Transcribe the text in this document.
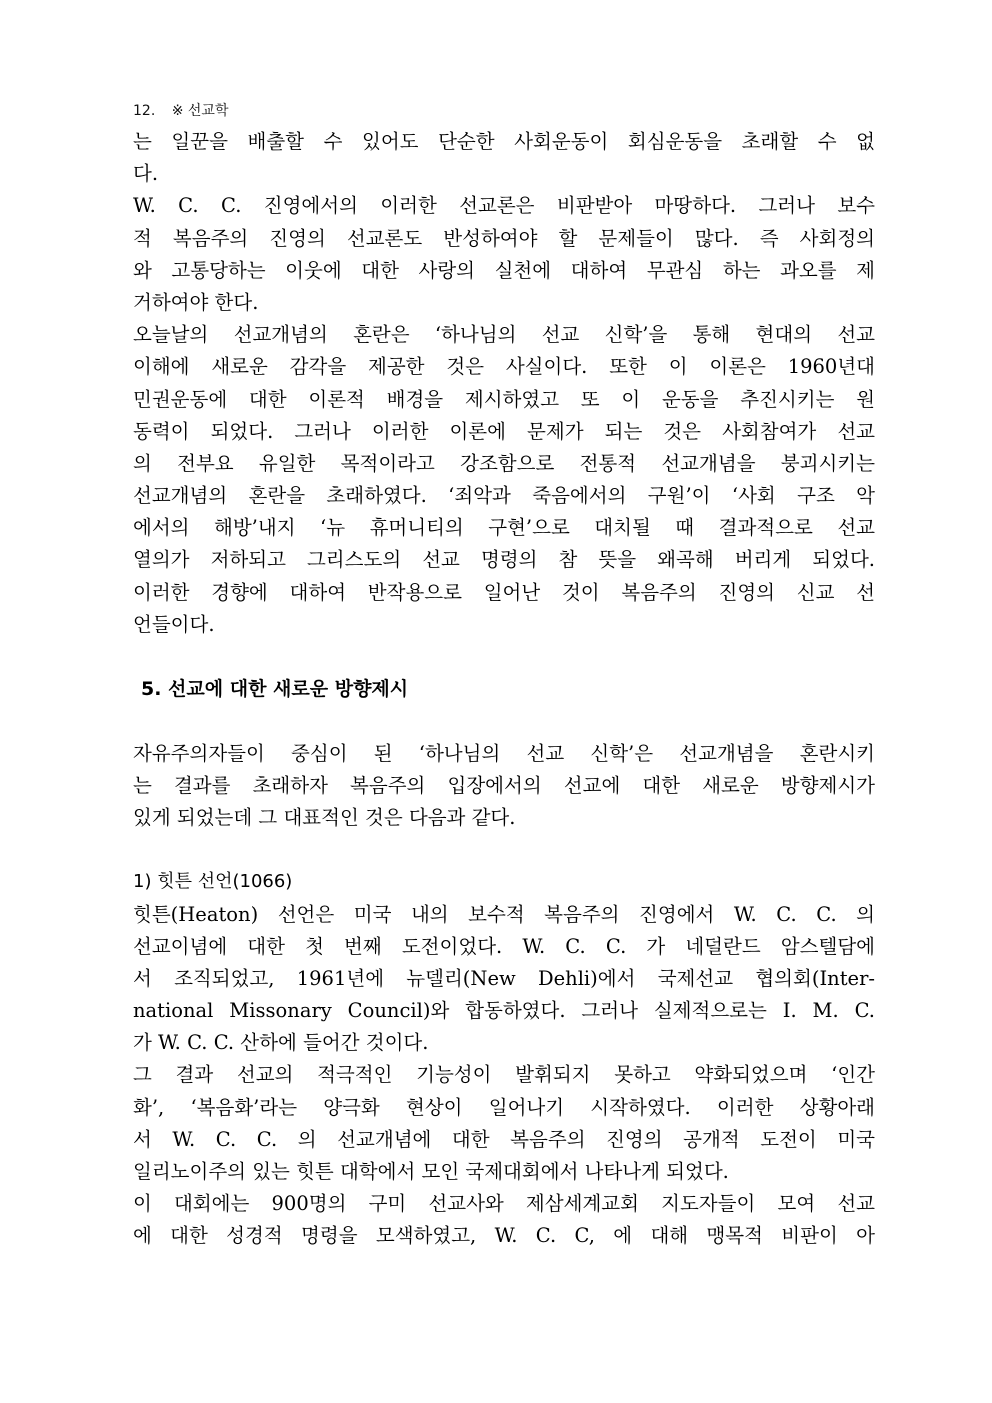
12. ※ 선교학
는 일꾼을 배출할 수 있어도 단순한 사회운동이 회심운동을 초래할 수 없
다.
W. C. C. 진영에서의 이러한 선교론은 비판받아 마땅하다. 그러나 보수
적 복음주의 진영의 선교론도 반성하여야 할 문제들이 많다. 즉 사회정의
와 고통당하는 이웃에 대한 사랑의 실천에 대하여 무관심 하는 과오를 제
거하여야 한다.
오늘날의 선교개념의 혼란은 ‘하나님의 선교 신학’을 통해 현대의 선교
이해에 새로운 감각을 제공한 것은 사실이다. 또한 이 이론은 1960년대
민권운동에 대한 이론적 배경을 제시하였고 또 이 운동을 추진시키는 원
동력이 되었다. 그러나 이러한 이론에 문제가 되는 것은 사회참여가 선교
의 전부요 유일한 목적이라고 강조함으로 전통적 선교개념을 붕괴시키는
선교개념의 혼란을 초래하였다. ‘죄악과 죽음에서의 구원’이 ‘사회 구조 악
에서의 해방’내지 ‘뉴 휴머니티의 구현’으로 대치될 때 결과적으로 선교
열의가 저하되고 그리스도의 선교 명령의 참 뜻을 왜곡해 버리게 되었다.
이러한 경향에 대하여 반작용으로 일어난 것이 복음주의 진영의 신교 선
언들이다.
5. 선교에 대한 새로운 방향제시
자유주의자들이 중심이 된 ‘하나님의 선교 신학’은 선교개념을 혼란시키
는 결과를 초래하자 복음주의 입장에서의 선교에 대한 새로운 방향제시가
있게 되었는데 그 대표적인 것은 다음과 같다.
1) 힛튼 선언(1066)
힛튼(Heaton) 선언은 미국 내의 보수적 복음주의 진영에서 W. C. C. 의
선교이념에 대한 첫 번째 도전이었다. W. C. C. 가 네덜란드 암스텔담에
서 조직되었고, 1961년에 뉴델리(New Dehli)에서 국제선교 협의회(Inter-
national Missonary Council)와 합동하였다. 그러나 실제적으로는 I. M. C.
가 W. C. C. 산하에 들어간 것이다.
그 결과 선교의 적극적인 기능성이 발휘되지 못하고 약화되었으며 ‘인간
화’, ‘복음화’라는 양극화 현상이 일어나기 시작하였다. 이러한 상황아래
서 W. C. C. 의 선교개념에 대한 복음주의 진영의 공개적 도전이 미국
일리노이주의 있는 힛튼 대학에서 모인 국제대회에서 나타나게 되었다.
이 대회에는 900명의 구미 선교사와 제삼세계교회 지도자들이 모여 선교
에 대한 성경적 명령을 모색하였고, W. C. C, 에 대해 맹목적 비판이 아
